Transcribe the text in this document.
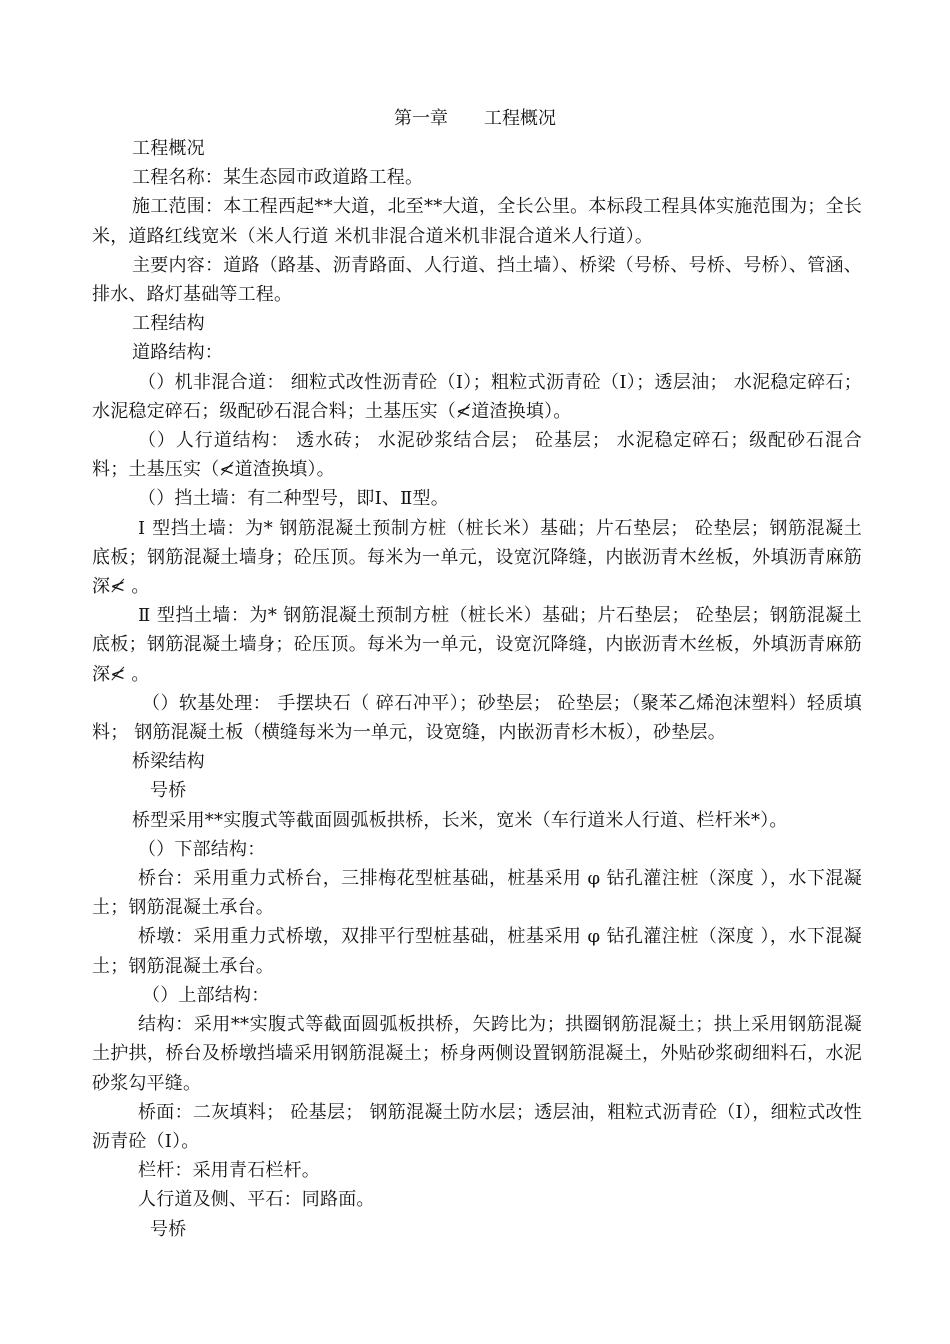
第一章　　工程概况

工程概况

工程名称：某生态园市政道路工程。

施工范围：本工程西起**大道，北至**大道，全长公里。本标段工程具体实施范围为；全长米，道路红线宽米（米人行道 米机非混合道米机非混合道米人行道）。

主要内容：道路（路基、沥青路面、人行道、挡土墙）、桥梁（号桥、号桥、号桥）、管涵、排水、路灯基础等工程。

工程结构

道路结构：

（）机非混合道： 细粒式改性沥青砼（Ⅰ）；粗粒式沥青砼（Ⅰ）；透层油； 水泥稳定碎石； 水泥稳定碎石；级配砂石混合料；土基压实（≮道渣换填）。

（）人行道结构： 透水砖； 水泥砂浆结合层； 砼基层； 水泥稳定碎石；级配砂石混合料；土基压实（≮道渣换填）。

（）挡土墙：有二种型号，即Ⅰ、Ⅱ型。

Ⅰ 型挡土墙：为* 钢筋混凝土预制方桩（桩长米）基础；片石垫层； 砼垫层；钢筋混凝土底板；钢筋混凝土墙身；砼压顶。每米为一单元，设宽沉降缝，内嵌沥青木丝板，外填沥青麻筋深≮ 。

Ⅱ 型挡土墙：为* 钢筋混凝土预制方桩（桩长米）基础；片石垫层； 砼垫层；钢筋混凝土底板；钢筋混凝土墙身；砼压顶。每米为一单元，设宽沉降缝，内嵌沥青木丝板，外填沥青麻筋深≮ 。

（）软基处理： 手摆块石（ 碎石冲平）；砂垫层； 砼垫层；（聚苯乙烯泡沫塑料）轻质填料； 钢筋混凝土板（横缝每米为一单元，设宽缝，内嵌沥青杉木板），砂垫层。

桥梁结构

号桥

桥型采用**实腹式等截面圆弧板拱桥，长米，宽米（车行道米人行道、栏杆米*）。

（）下部结构：

桥台：采用重力式桥台，三排梅花型桩基础，桩基采用 φ 钻孔灌注桩（深度 ），水下混凝土；钢筋混凝土承台。

桥墩：采用重力式桥墩，双排平行型桩基础，桩基采用 φ 钻孔灌注桩（深度 ），水下混凝土；钢筋混凝土承台。

（）上部结构：

结构：采用**实腹式等截面圆弧板拱桥，矢跨比为；拱圈钢筋混凝土；拱上采用钢筋混凝土护拱，桥台及桥墩挡墙采用钢筋混凝土；桥身两侧设置钢筋混凝土，外贴砂浆砌细料石，水泥砂浆勾平缝。

桥面：二灰填料； 砼基层； 钢筋混凝土防水层；透层油，粗粒式沥青砼（Ⅰ），细粒式改性沥青砼（Ⅰ）。

栏杆：采用青石栏杆。

人行道及侧、平石：同路面。

号桥
